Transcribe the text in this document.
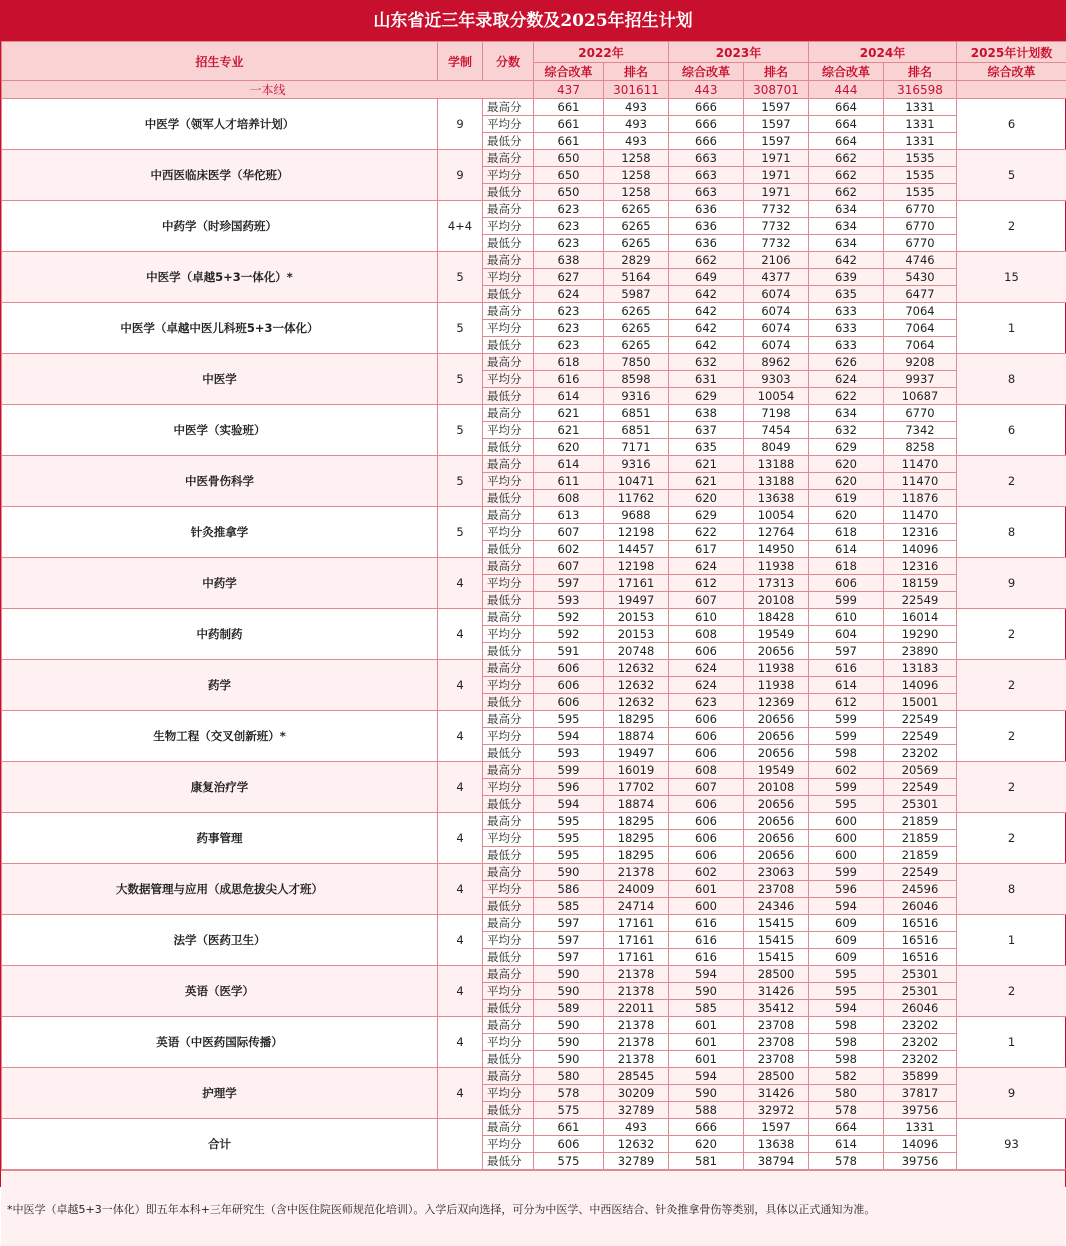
山东省近三年录取分数及2025年招生计划
招生专业	学制	分数	2022年		2023年		2024年		2025年计划数
			综合改革	排名	综合改革	排名	综合改革	排名	综合改革
一本线			437	301611	443	308701	444	316598	
中医学（领军人才培养计划）	9	最高分	661	493	666	1597	664	1331	6
		平均分	661	493	666	1597	664	1331	
		最低分	661	493	666	1597	664	1331	
中西医临床医学（华佗班）	9	最高分	650	1258	663	1971	662	1535	5
		平均分	650	1258	663	1971	662	1535	
		最低分	650	1258	663	1971	662	1535	
中药学（时珍国药班）	4+4	最高分	623	6265	636	7732	634	6770	2
		平均分	623	6265	636	7732	634	6770	
		最低分	623	6265	636	7732	634	6770	
中医学（卓越5+3一体化）*	5	最高分	638	2829	662	2106	642	4746	15
		平均分	627	5164	649	4377	639	5430	
		最低分	624	5987	642	6074	635	6477	
中医学（卓越中医儿科班5+3一体化）	5	最高分	623	6265	642	6074	633	7064	1
		平均分	623	6265	642	6074	633	7064	
		最低分	623	6265	642	6074	633	7064	
中医学	5	最高分	618	7850	632	8962	626	9208	8
		平均分	616	8598	631	9303	624	9937	
		最低分	614	9316	629	10054	622	10687	
中医学（实验班）	5	最高分	621	6851	638	7198	634	6770	6
		平均分	621	6851	637	7454	632	7342	
		最低分	620	7171	635	8049	629	8258	
中医骨伤科学	5	最高分	614	9316	621	13188	620	11470	2
		平均分	611	10471	621	13188	620	11470	
		最低分	608	11762	620	13638	619	11876	
针灸推拿学	5	最高分	613	9688	629	10054	620	11470	8
		平均分	607	12198	622	12764	618	12316	
		最低分	602	14457	617	14950	614	14096	
中药学	4	最高分	607	12198	624	11938	618	12316	9
		平均分	597	17161	612	17313	606	18159	
		最低分	593	19497	607	20108	599	22549	
中药制药	4	最高分	592	20153	610	18428	610	16014	2
		平均分	592	20153	608	19549	604	19290	
		最低分	591	20748	606	20656	597	23890	
药学	4	最高分	606	12632	624	11938	616	13183	2
		平均分	606	12632	624	11938	614	14096	
		最低分	606	12632	623	12369	612	15001	
生物工程（交叉创新班）*	4	最高分	595	18295	606	20656	599	22549	2
		平均分	594	18874	606	20656	599	22549	
		最低分	593	19497	606	20656	598	23202	
康复治疗学	4	最高分	599	16019	608	19549	602	20569	2
		平均分	596	17702	607	20108	599	22549	
		最低分	594	18874	606	20656	595	25301	
药事管理	4	最高分	595	18295	606	20656	600	21859	2
		平均分	595	18295	606	20656	600	21859	
		最低分	595	18295	606	20656	600	21859	
大数据管理与应用（成思危拔尖人才班）	4	最高分	590	21378	602	23063	599	22549	8
		平均分	586	24009	601	23708	596	24596	
		最低分	585	24714	600	24346	594	26046	
法学（医药卫生）	4	最高分	597	17161	616	15415	609	16516	1
		平均分	597	17161	616	15415	609	16516	
		最低分	597	17161	616	15415	609	16516	
英语（医学）	4	最高分	590	21378	594	28500	595	25301	2
		平均分	590	21378	590	31426	595	25301	
		最低分	589	22011	585	35412	594	26046	
英语（中医药国际传播）	4	最高分	590	21378	601	23708	598	23202	1
		平均分	590	21378	601	23708	598	23202	
		最低分	590	21378	601	23708	598	23202	
护理学	4	最高分	580	28545	594	28500	582	35899	9
		平均分	578	30209	590	31426	580	37817	
		最低分	575	32789	588	32972	578	39756	
合计		最高分	661	493	666	1597	664	1331	93
		平均分	606	12632	620	13638	614	14096	
		最低分	575	32789	581	38794	578	39756	
*中医学（卓越5+3一体化）即五年本科+三年研究生（含中医住院医师规范化培训）。入学后双向选择，可分为中医学、中西医结合、针灸推拿骨伤等类别，具体以正式通知为准。
